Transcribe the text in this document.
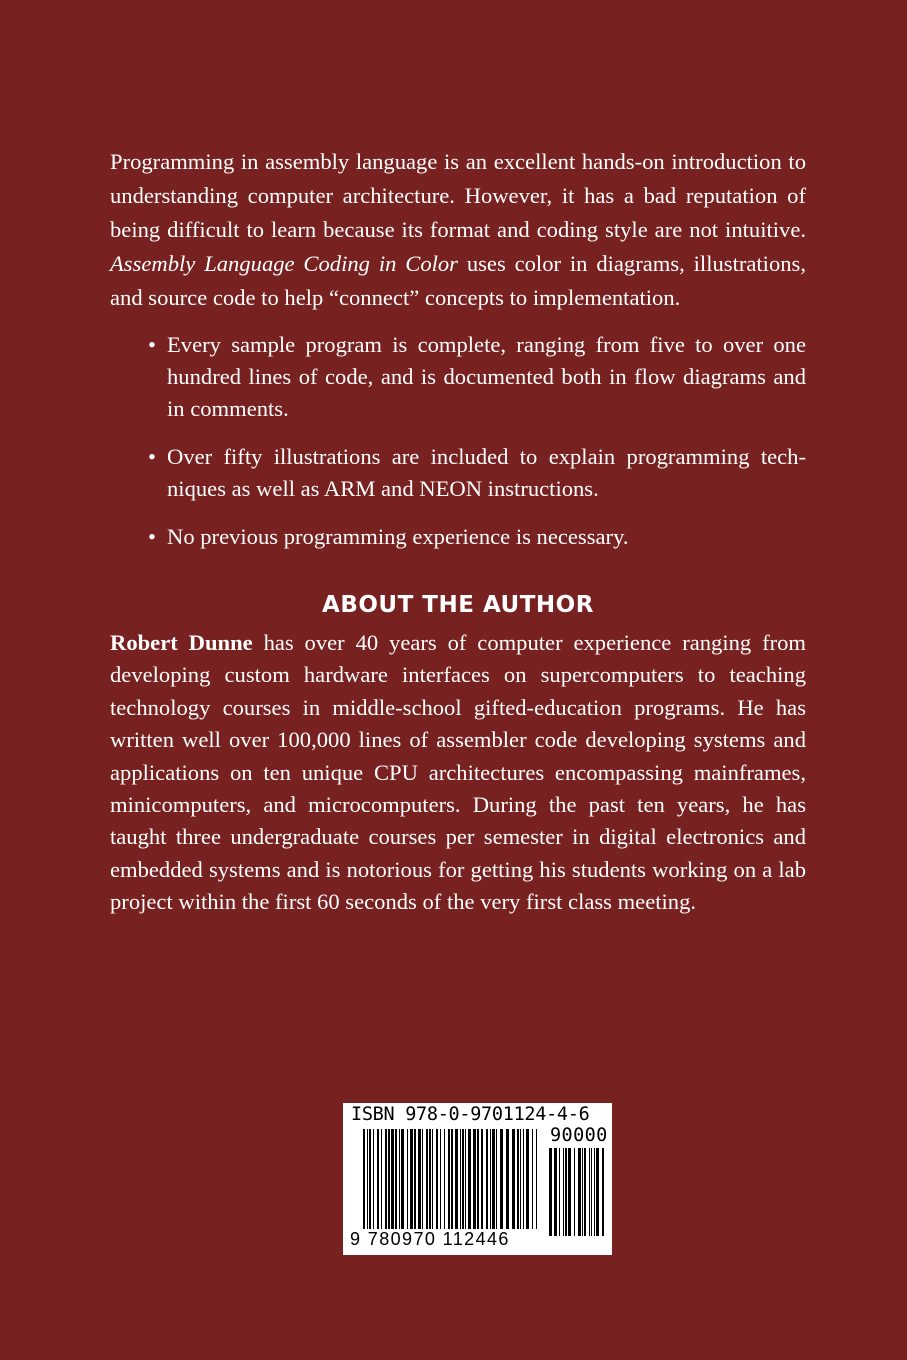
Programming in assembly language is an excellent hands-on introduction to understanding computer architecture. However, it has a bad reputation of being difficult to learn because its format and coding style are not intuitive. Assembly Language Coding in Color uses color in diagrams, illustrations, and source code to help “connect” concepts to implementation.

• Every sample program is complete, ranging from five to over one hundred lines of code, and is documented both in flow diagrams and in comments.
• Over fifty illustrations are included to explain programming techniques as well as ARM and NEON instructions.
• No previous programming experience is necessary.
ABOUT THE AUTHOR

Robert Dunne has over 40 years of computer experience ranging from developing custom hardware interfaces on supercomputers to teaching technology courses in middle-school gifted-education programs. He has written well over 100,000 lines of assembler code developing systems and applications on ten unique CPU architectures encompassing mainframes, minicomputers, and microcomputers. During the past ten years, he has taught three undergraduate courses per semester in digital electronics and embedded systems and is notorious for getting his students working on a lab project within the first 60 seconds of the very first class meeting.

ISBN 978-0-9701124-4-6
90000
9 780970 112446
